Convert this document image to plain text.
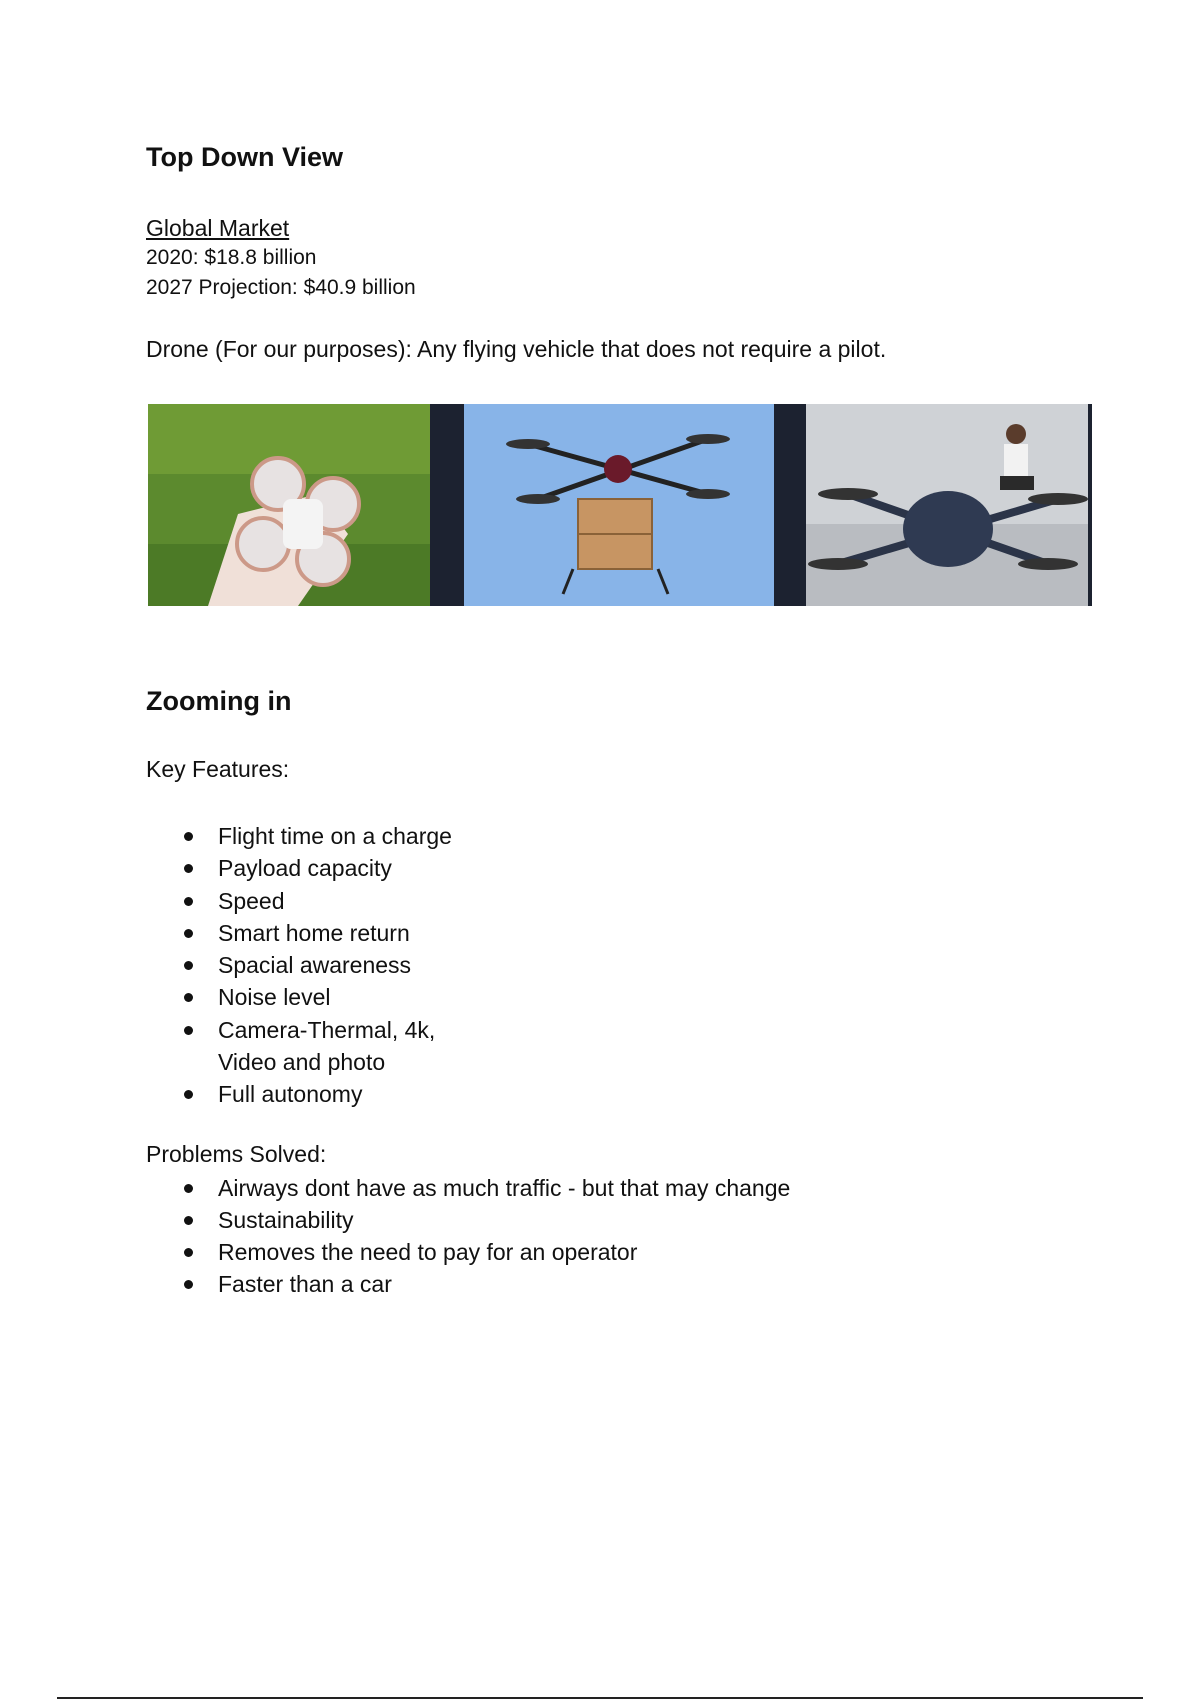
Top Down View
Global Market
2020: $18.8 billion
2027 Projection: $40.9 billion
Drone (For our purposes): Any flying vehicle that does not require a pilot.
Zooming in
Key Features:
Flight time on a charge
Payload capacity
Speed
Smart home return
Spacial awareness
Noise level
Camera-Thermal, 4k,
Video and photo
Full autonomy
Problems Solved:
Airways dont have as much traffic - but that may change
Sustainability
Removes the need to pay for an operator
Faster than a car
